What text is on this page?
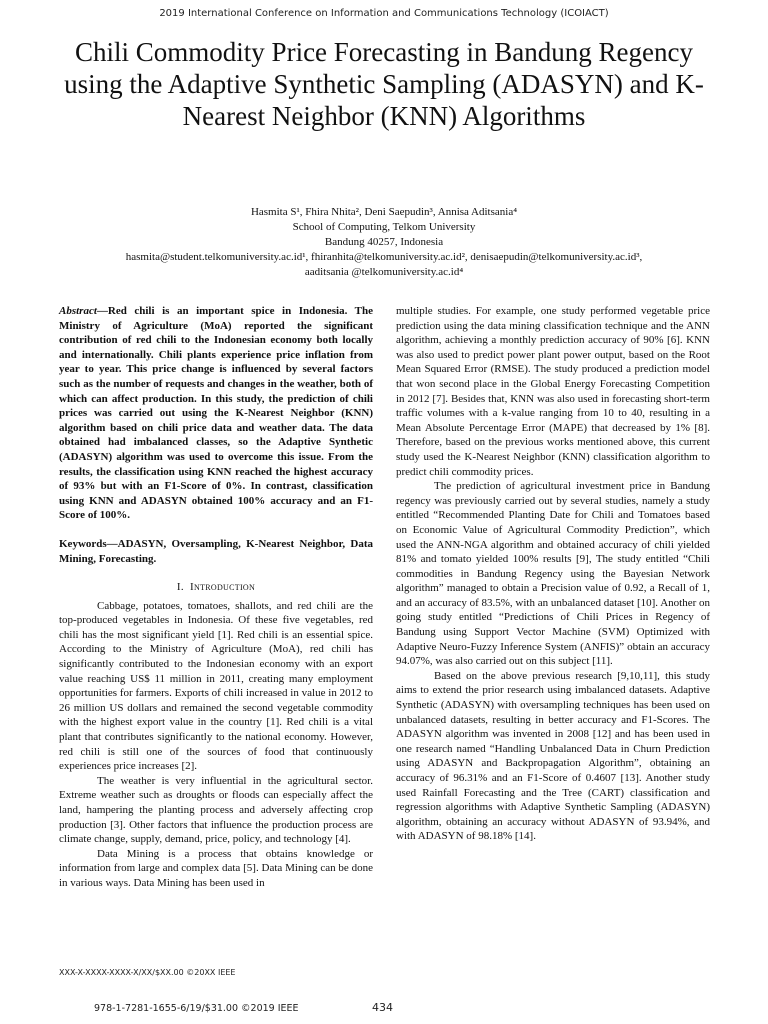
2019 International Conference on Information and Communications Technology (ICOIACT)
Chili Commodity Price Forecasting in Bandung Regency using the Adaptive Synthetic Sampling (ADASYN) and K-Nearest Neighbor (KNN) Algorithms
Hasmita S¹, Fhira Nhita², Deni Saepudin³, Annisa Aditsania⁴
School of Computing, Telkom University
Bandung 40257, Indonesia
hasmita@student.telkomuniversity.ac.id¹, fhiranhita@telkomuniversity.ac.id², denisaepudin@telkomuniversity.ac.id³,
aaditsania @telkomuniversity.ac.id⁴

Abstract—Red chili is an important spice in Indonesia. The Ministry of Agriculture (MoA) reported the significant contribution of red chili to the Indonesian economy both locally and internationally. Chili plants experience price inflation from year to year. This price change is influenced by several factors such as the number of requests and changes in the weather, both of which can affect production. In this study, the prediction of chili prices was carried out using the K-Nearest Neighbor (KNN) algorithm based on chili price data and weather data. The data obtained had imbalanced classes, so the Adaptive Synthetic (ADASYN) algorithm was used to overcome this issue. From the results, the classification using KNN reached the highest accuracy of 93% but with an F1-Score of 0%. In contrast, classification using KNN and ADASYN obtained 100% accuracy and an F1-Score of 100%.

Keywords—ADASYN, Oversampling, K-Nearest Neighbor, Data Mining, Forecasting.

I. Introduction

Cabbage, potatoes, tomatoes, shallots, and red chili are the top-produced vegetables in Indonesia. Of these five vegetables, red chili has the most significant yield [1]. Red chili is an essential spice. According to the Ministry of Agriculture (MoA), red chili has significantly contributed to the Indonesian economy with an export value reaching US$ 11 million in 2011, creating many employment opportunities for farmers. Exports of chili increased in value in 2012 to 26 million US dollars and remained the second vegetable commodity with the highest export value in the country [1]. Red chili is a vital plant that contributes significantly to the national economy. However, red chili is still one of the sources of food that continuously experiences price increases [2].

The weather is very influential in the agricultural sector. Extreme weather such as droughts or floods can especially affect the land, hampering the planting process and adversely affecting crop production [3]. Other factors that influence the production process are climate change, supply, demand, price, policy, and technology [4].

Data Mining is a process that obtains knowledge or information from large and complex data [5]. Data Mining can be done in various ways. Data Mining has been used in

multiple studies. For example, one study performed vegetable price prediction using the data mining classification technique and the ANN algorithm, achieving a monthly prediction accuracy of 90% [6]. KNN was also used to predict power plant power output, based on the Root Mean Squared Error (RMSE). The study produced a prediction model that won second place in the Global Energy Forecasting Competition in 2012 [7]. Besides that, KNN was also used in forecasting short-term traffic volumes with a k-value ranging from 10 to 40, resulting in a Mean Absolute Percentage Error (MAPE) that decreased by 1% [8]. Therefore, based on the previous works mentioned above, this current study used the K-Nearest Neighbor (KNN) classification algorithm to predict chili commodity prices.

The prediction of agricultural investment price in Bandung regency was previously carried out by several studies, namely a study entitled “Recommended Planting Date for Chili and Tomatoes based on Economic Value of Agricultural Commodity Prediction”, which used the ANN-NGA algorithm and obtained accuracy of chili yielded 81% and tomato yielded 100% results [9], The study entitled “Chili commodities in Bandung Regency using the Bayesian Network algorithm” managed to obtain a Precision value of 0.92, a Recall of 1, and an accuracy of 83.5%, with an unbalanced dataset [10]. Another on going study entitled “Predictions of Chili Prices in Regency of Bandung using Support Vector Machine (SVM) Optimized with Adaptive Neuro-Fuzzy Inference System (ANFIS)” obtain an accuracy 94.07%, was also carried out on this subject [11].

Based on the above previous research [9,10,11], this study aims to extend the prior research using imbalanced datasets. Adaptive Synthetic (ADASYN) with oversampling techniques has been used on unbalanced datasets, resulting in better accuracy and F1-Scores. The ADASYN algorithm was invented in 2008 [12] and has been used in one research named “Handling Unbalanced Data in Churn Prediction using ADASYN and Backpropagation Algorithm”, obtaining an accuracy of 96.31% and an F1-Score of 0.4607 [13]. Another study used Rainfall Forecasting and the Tree (CART) classification and regression algorithms with Adaptive Synthetic Sampling (ADASYN) algorithm, obtaining an accuracy without ADASYN of 93.94%, and with ADASYN of 98.18% [14].

XXX-X-XXXX-XXXX-X/XX/$XX.00 ©20XX IEEE
978-1-7281-1655-6/19/$31.00 ©2019 IEEE	434
